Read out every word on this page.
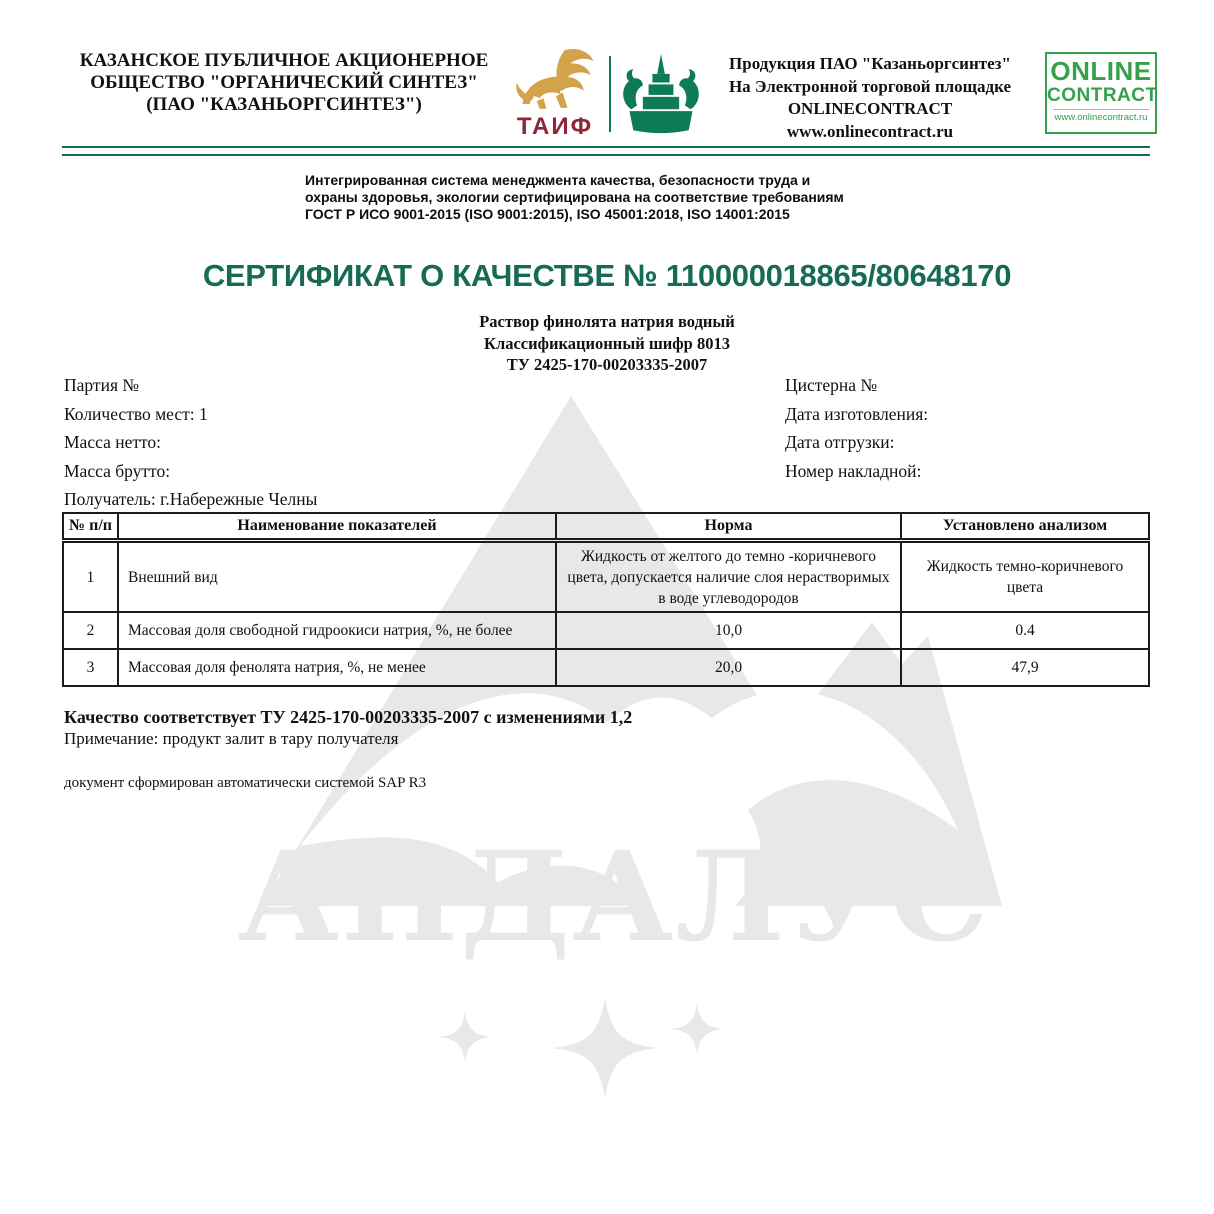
АНДАЛУС
КАЗАНСКОЕ ПУБЛИЧНОЕ АКЦИОНЕРНОЕ
ОБЩЕСТВО "ОРГАНИЧЕСКИЙ СИНТЕЗ"
(ПАО "КАЗАНЬОРГСИНТЕЗ")
ТАИФ
Продукция ПАО "Казаньоргсинтез"
На Электронной торговой площадке
ONLINECONTRACT
www.onlinecontract.ru
ONLINE
CONTRACT
www.onlinecontract.ru
Интегрированная система менеджмента качества, безопасности труда и
охраны здоровья, экологии сертифицирована на соответствие требованиям
ГОСТ Р ИСО 9001-2015 (ISO 9001:2015), ISO 45001:2018, ISO 14001:2015
СЕРТИФИКАТ О КАЧЕСТВЕ № 110000018865/80648170
Раствор финолята натрия водный
Классификационный шифр 8013
ТУ 2425-170-00203335-2007
Партия №
Количество мест: 1
Масса нетто:
Масса брутто:
Получатель: г.Набережные Челны
Цистерна №
Дата изготовления:
Дата отгрузки:
Номер накладной:
№ п/п	Наименование показателей	Норма	Установлено анализом
1	Внешний вид	Жидкость от желтого до темно -коричневого цвета, допускается наличие слоя нерастворимых в воде углеводородов	Жидкость темно-коричневого цвета
2	Массовая доля свободной гидроокиси натрия, %, не более	10,0	0.4
3	Массовая доля фенолята натрия, %, не менее	20,0	47,9
Качество соответствует ТУ 2425-170-00203335-2007 с изменениями 1,2
Примечание: продукт залит в тару получателя
документ сформирован автоматически системой SAP R3
